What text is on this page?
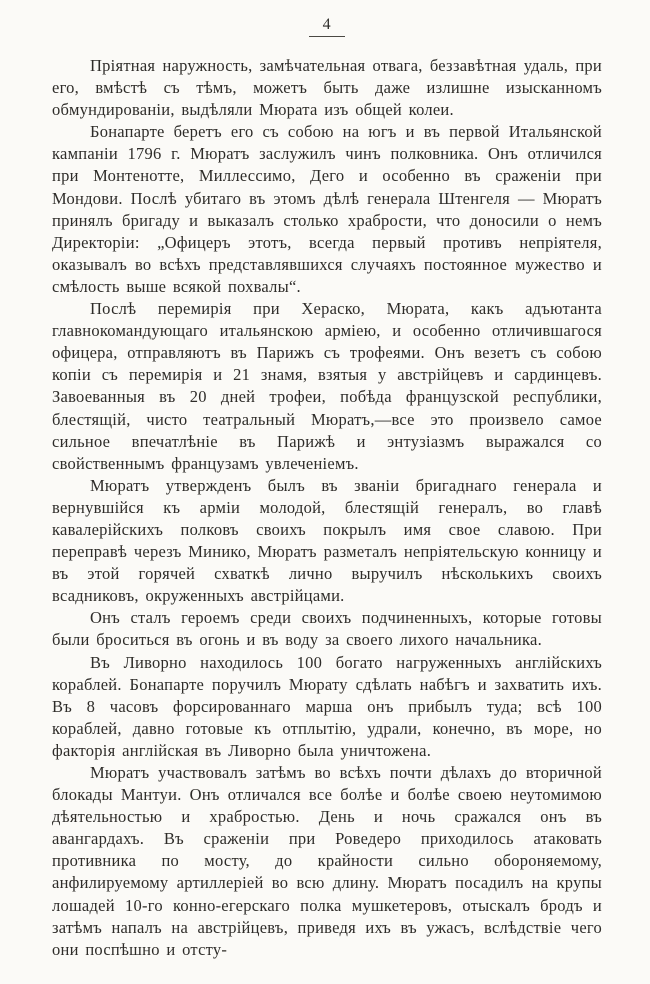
4

Пріятная наружность, замѣчательная отвага, беззавѣтная удаль, при его, вмѣстѣ съ тѣмъ, можетъ быть даже излишне изысканномъ обмундированіи, выдѣляли Мюрата изъ общей колеи.

Бонапарте беретъ его съ собою на югъ и въ первой Итальянской кампаніи 1796 г. Мюратъ заслужилъ чинъ полковника. Онъ отличился при Монтенотте, Миллессимо, Дего и особенно въ сраженіи при Мондови. Послѣ убитаго въ этомъ дѣлѣ генерала Штенгеля — Мюратъ принялъ бригаду и выказалъ столько храбрости, что доносили о немъ Директоріи: „Офицеръ этотъ, всегда первый противъ непріятеля, оказывалъ во всѣхъ представлявшихся случаяхъ постоянное мужество и смѣлость выше всякой похвалы“.

Послѣ перемирія при Хераско, Мюрата, какъ адъютанта главнокомандующаго итальянскою арміею, и особенно отличившагося офицера, отправляютъ въ Парижъ съ трофеями. Онъ везетъ съ собою копіи съ перемирія и 21 знамя, взятыя у австрійцевъ и сардинцевъ. Завоеванныя въ 20 дней трофеи, побѣда французской республики, блестящій, чисто театральный Мюратъ,—все это произвело самое сильное впечатлѣніе въ Парижѣ и энтузіазмъ выражался со свойственнымъ французамъ увлеченіемъ.

Мюратъ утвержденъ былъ въ званіи бригаднаго генерала и вернувшійся къ арміи молодой, блестящій генералъ, во главѣ кавалерійскихъ полковъ своихъ покрылъ имя свое славою. При переправѣ черезъ Минико, Мюратъ разметалъ непріятельскую конницу и въ этой горячей схваткѣ лично выручилъ нѣсколькихъ своихъ всадниковъ, окруженныхъ австрійцами.

Онъ сталъ героемъ среди своихъ подчиненныхъ, которые готовы были броситься въ огонь и въ воду за своего лихого начальника.

Въ Ливорно находилось 100 богато нагруженныхъ англійскихъ кораблей. Бонапарте поручилъ Мюрату сдѣлать набѣгъ и захватить ихъ. Въ 8 часовъ форсированнаго марша онъ прибылъ туда; всѣ 100 кораблей, давно готовые къ отплытію, удрали, конечно, въ море, но факторія англійская въ Ливорно была уничтожена.

Мюратъ участвовалъ затѣмъ во всѣхъ почти дѣлахъ до вторичной блокады Мантуи. Онъ отличался все болѣе и болѣе своею неутомимою дѣятельностью и храбростью. День и ночь сражался онъ въ авангардахъ. Въ сраженіи при Роведеро приходилось атаковать противника по мосту, до крайности сильно обороняемому, анфилируемому артиллеріей во всю длину. Мюратъ посадилъ на крупы лошадей 10-го конно-егерскаго полка мушкетеровъ, отыскалъ бродъ и затѣмъ напалъ на австрійцевъ, приведя ихъ въ ужасъ, вслѣдствіе чего они поспѣшно и отсту-
